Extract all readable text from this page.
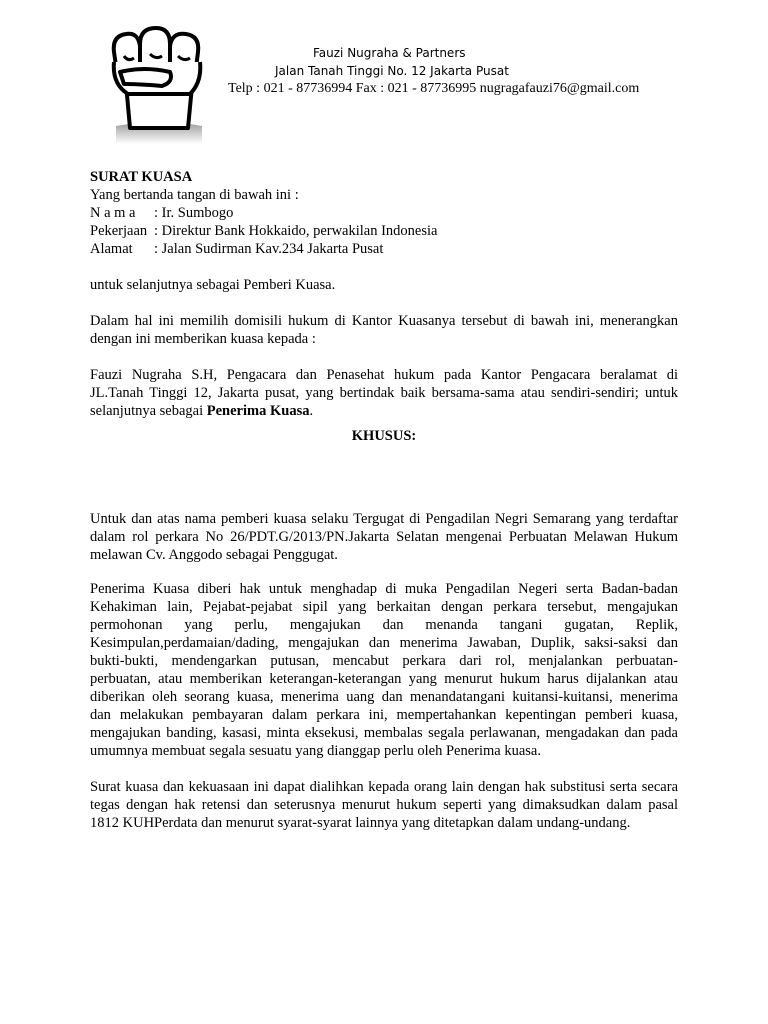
Fauzi Nugraha & Partners
Jalan Tanah Tinggi No. 12 Jakarta Pusat
Telp : 021 - 87736994 Fax : 021 - 87736995 nugragafauzi76@gmail.com
SURAT KUASA
Yang bertanda tangan di bawah ini :
N a m a	: Ir. Sumbogo
Pekerjaan : Direktur Bank Hokkaido, perwakilan Indonesia
Alamat	: Jalan Sudirman Kav.234 Jakarta Pusat
untuk selanjutnya sebagai Pemberi Kuasa.
Dalam hal ini memilih domisili hukum di Kantor Kuasanya tersebut di bawah ini, menerangkan
dengan ini memberikan kuasa kepada :
Fauzi Nugraha S.H, Pengacara dan Penasehat hukum pada Kantor Pengacara beralamat di
JL.Tanah Tinggi 12, Jakarta pusat, yang bertindak baik bersama-sama atau sendiri-sendiri; untuk
selanjutnya sebagai Penerima Kuasa.
KHUSUS:
Untuk dan atas nama pemberi kuasa selaku Tergugat di Pengadilan Negri Semarang yang terdaftar
dalam rol perkara No 26/PDT.G/2013/PN.Jakarta Selatan mengenai Perbuatan Melawan Hukum
melawan Cv. Anggodo sebagai Penggugat.
Penerima Kuasa diberi hak untuk menghadap di muka Pengadilan Negeri serta Badan-badan
Kehakiman lain, Pejabat-pejabat sipil yang berkaitan dengan perkara tersebut, mengajukan
permohonan yang perlu, mengajukan dan menanda tangani gugatan, Replik,
Kesimpulan,perdamaian/dading, mengajukan dan menerima Jawaban, Duplik, saksi-saksi dan
bukti-bukti, mendengarkan putusan, mencabut perkara dari rol, menjalankan perbuatan-
perbuatan, atau memberikan keterangan-keterangan yang menurut hukum harus dijalankan atau
diberikan oleh seorang kuasa, menerima uang dan menandatangani kuitansi-kuitansi, menerima
dan melakukan pembayaran dalam perkara ini, mempertahankan kepentingan pemberi kuasa,
mengajukan banding, kasasi, minta eksekusi, membalas segala perlawanan, mengadakan dan pada
umumnya membuat segala sesuatu yang dianggap perlu oleh Penerima kuasa.
Surat kuasa dan kekuasaan ini dapat dialihkan kepada orang lain dengan hak substitusi serta secara
tegas dengan hak retensi dan seterusnya menurut hukum seperti yang dimaksudkan dalam pasal
1812 KUHPerdata dan menurut syarat-syarat lainnya yang ditetapkan dalam undang-undang.
